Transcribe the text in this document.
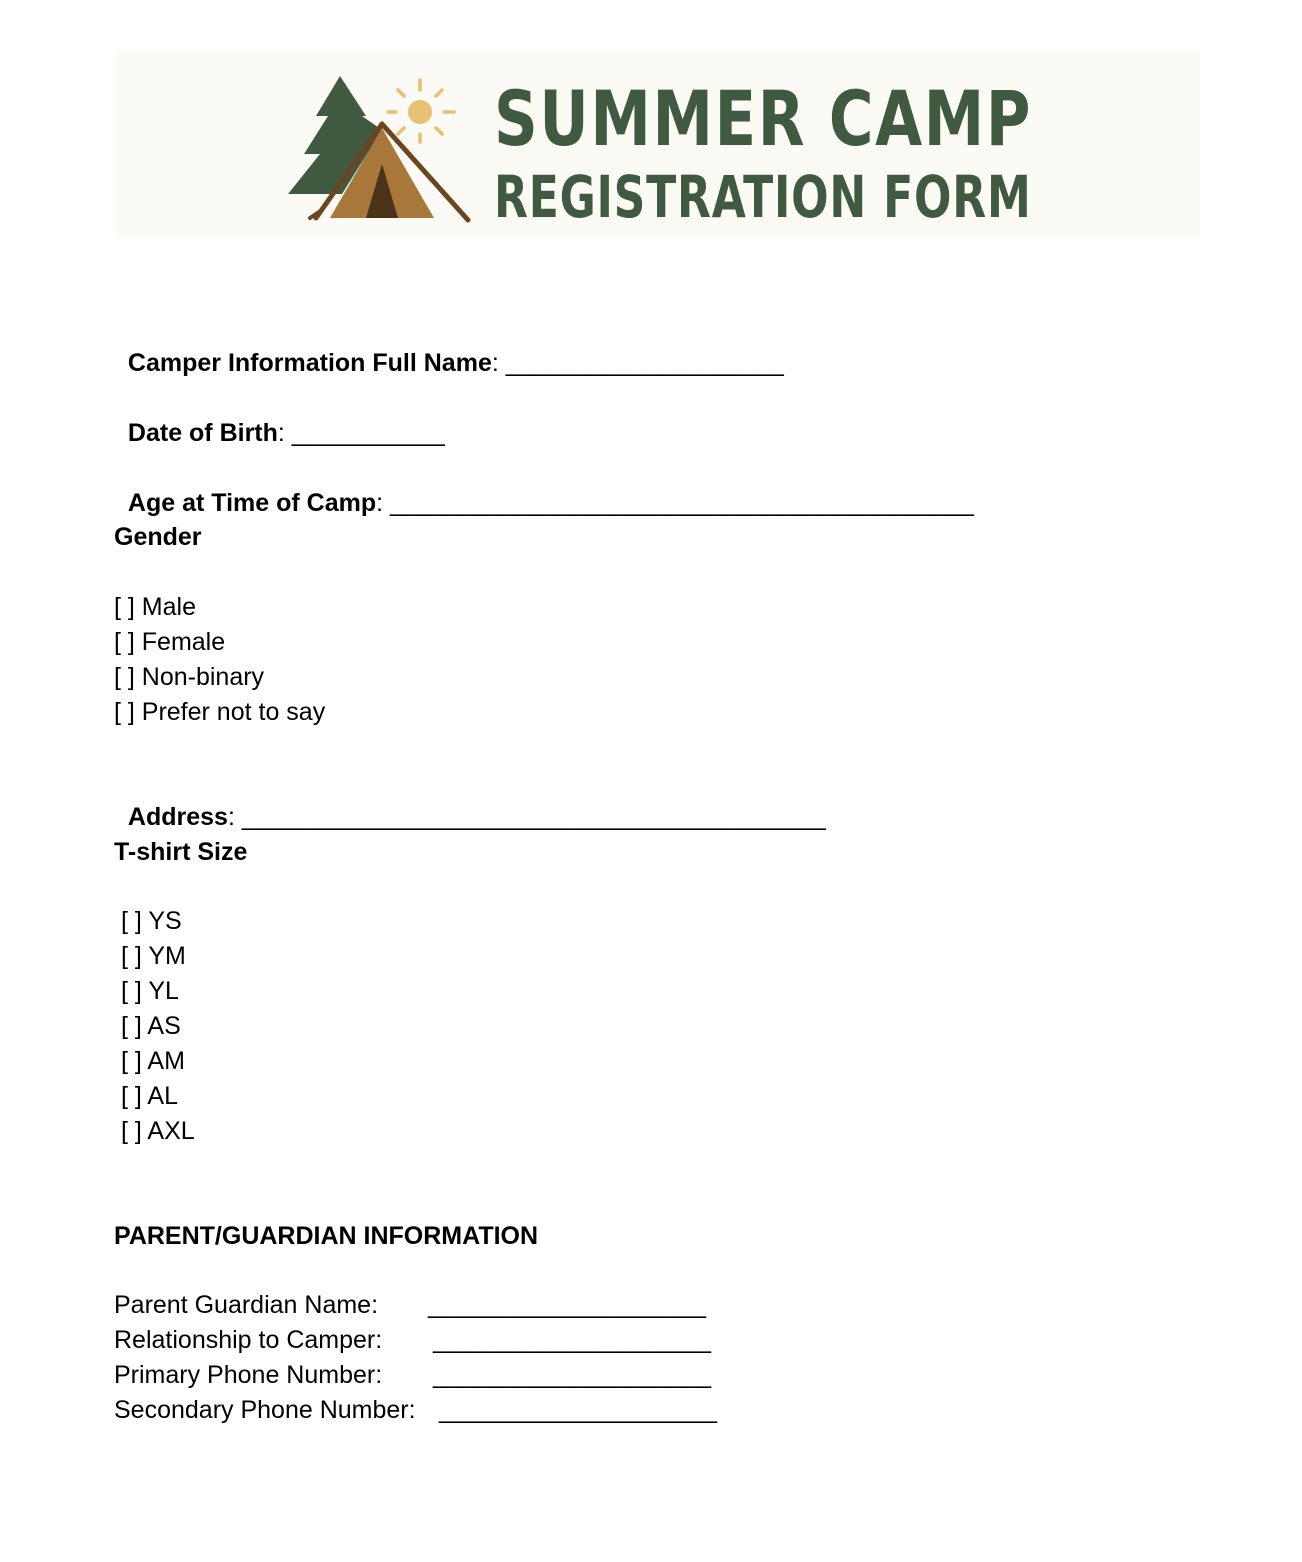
SUMMER CAMP
REGISTRATION FORM

Camper Information Full Name: ____________________

Date of Birth: ___________

Age at Time of Camp: __________________________________________

Gender
[ ] Male
[ ] Female
[ ] Non-binary
[ ] Prefer not to say

Address: __________________________________________

T-shirt Size
[ ] YS
[ ] YM
[ ] YL
[ ] AS
[ ] AM
[ ] AL
[ ] AXL
PARENT/GUARDIAN INFORMATION
Parent Guardian Name: ____________________
Relationship to Camper: ____________________
Primary Phone Number: ____________________
Secondary Phone Number: ____________________
